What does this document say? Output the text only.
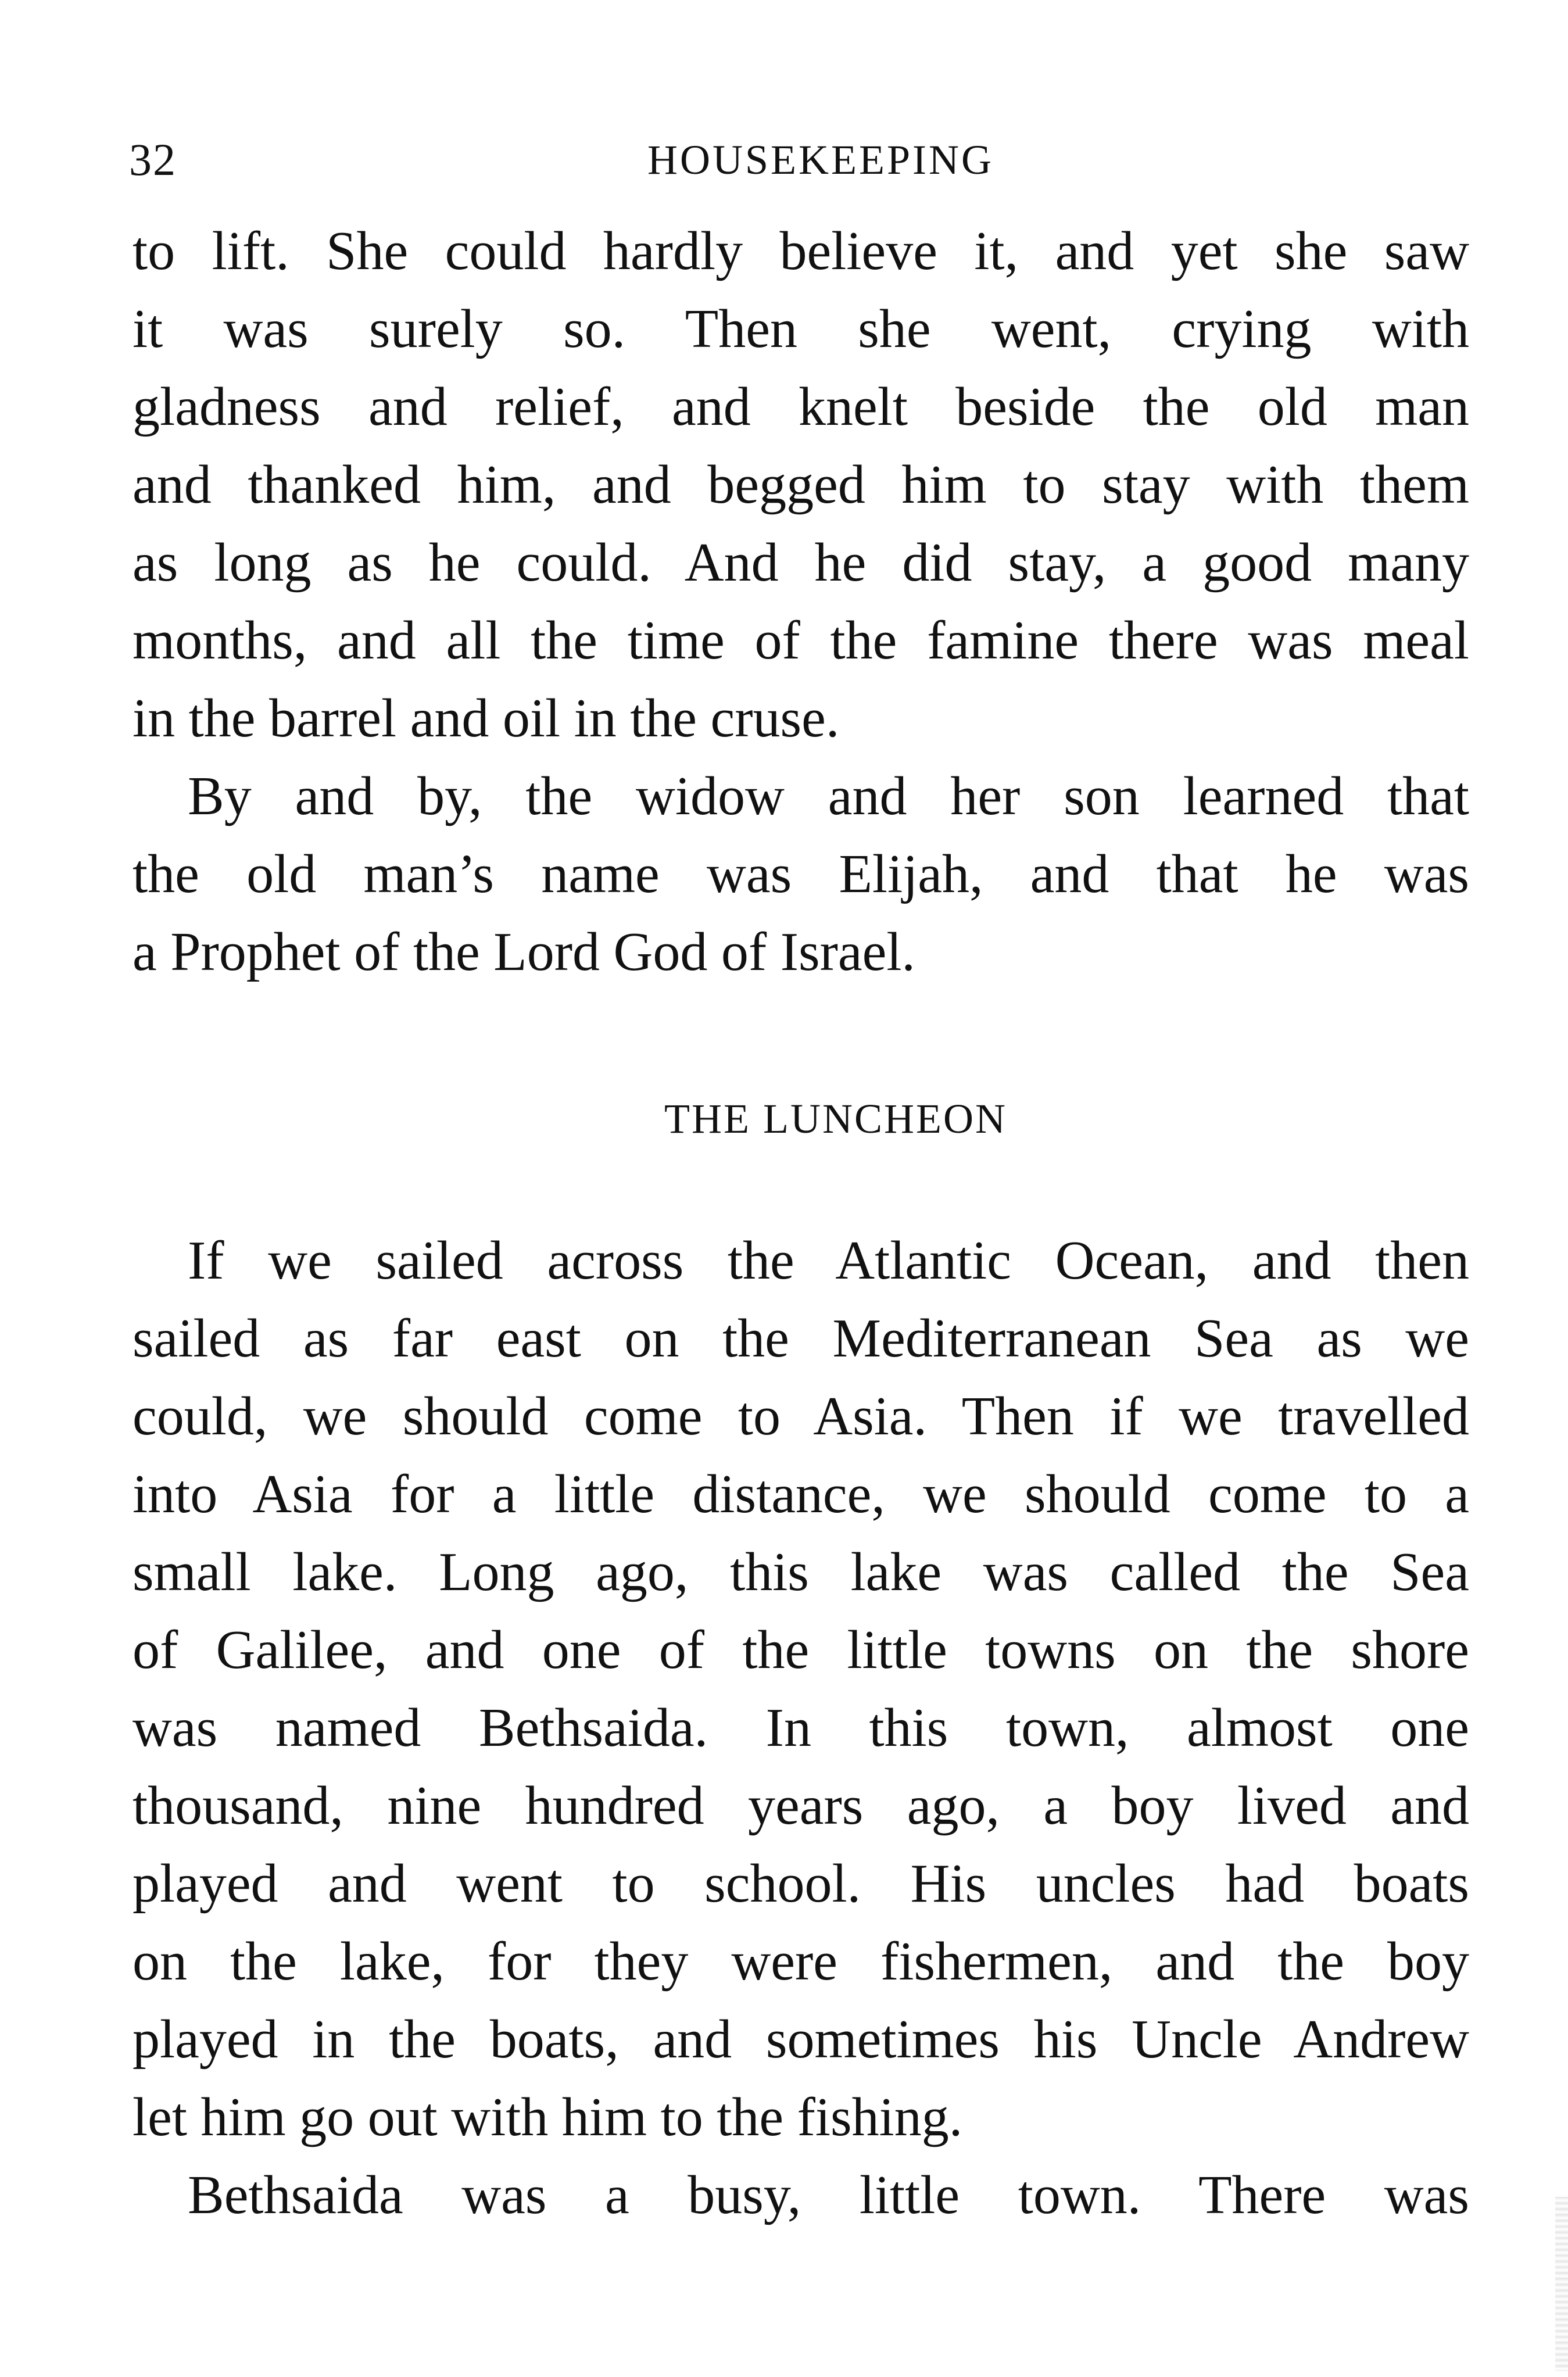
32	HOUSEKEEPING

to lift. She could hardly believe it, and yet she saw
it was surely so. Then she went, crying with
gladness and relief, and knelt beside the old man
and thanked him, and begged him to stay with them
as long as he could. And he did stay, a good many
months, and all the time of the famine there was meal
in the barrel and oil in the cruse.

By and by, the widow and her son learned that
the old man’s name was Elijah, and that he was
a Prophet of the Lord God of Israel.

THE LUNCHEON

If we sailed across the Atlantic Ocean, and then
sailed as far east on the Mediterranean Sea as we
could, we should come to Asia. Then if we travelled
into Asia for a little distance, we should come to a
small lake. Long ago, this lake was called the Sea
of Galilee, and one of the little towns on the shore
was named Bethsaida. In this town, almost one
thousand, nine hundred years ago, a boy lived and
played and went to school. His uncles had boats
on the lake, for they were fishermen, and the boy
played in the boats, and sometimes his Uncle Andrew
let him go out with him to the fishing.

Bethsaida was a busy, little town. There was
